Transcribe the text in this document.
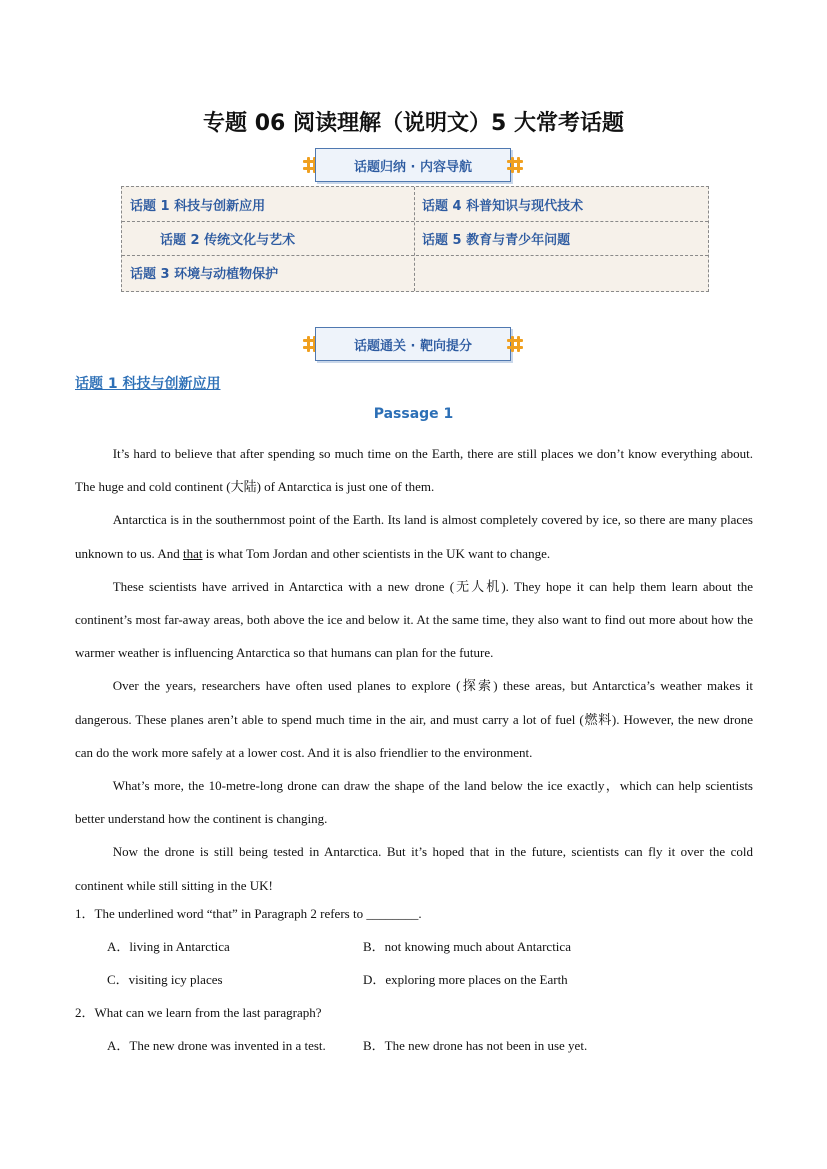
专题 06 阅读理解（说明文）5 大常考话题
话题归纳 · 内容导航
话题 1 科技与创新应用	话题 4 科普知识与现代技术
话题 2 传统文化与艺术	话题 5 教育与青少年问题
话题 3 环境与动植物保护
话题通关 · 靶向提分
话题 1 科技与创新应用
Passage 1

It’s hard to believe that after spending so much time on the Earth, there are still places we don’t know everything about. The huge and cold continent (大陆) of Antarctica is just one of them.

Antarctica is in the southernmost point of the Earth. Its land is almost completely covered by ice, so there are many places unknown to us. And that is what Tom Jordan and other scientists in the UK want to change.

These scientists have arrived in Antarctica with a new drone (无人机). They hope it can help them learn about the continent’s most far-away areas, both above the ice and below it. At the same time, they also want to find out more about how the warmer weather is influencing Antarctica so that humans can plan for the future.

Over the years, researchers have often used planes to explore (探索) these areas, but Antarctica’s weather makes it dangerous. These planes aren’t able to spend much time in the air, and must carry a lot of fuel (燃料). However, the new drone can do the work more safely at a lower cost. And it is also friendlier to the environment.

What’s more, the 10-metre-long drone can draw the shape of the land below the ice exactly，which can help scientists better understand how the continent is changing.

Now the drone is still being tested in Antarctica. But it’s hoped that in the future, scientists can fly it over the cold continent while still sitting in the UK!

1．The underlined word “that” in Paragraph 2 refers to ________.
A．living in Antarctica	B．not knowing much about Antarctica
C．visiting icy places	D．exploring more places on the Earth
2．What can we learn from the last paragraph?
A．The new drone was invented in a test.	B．The new drone has not been in use yet.
